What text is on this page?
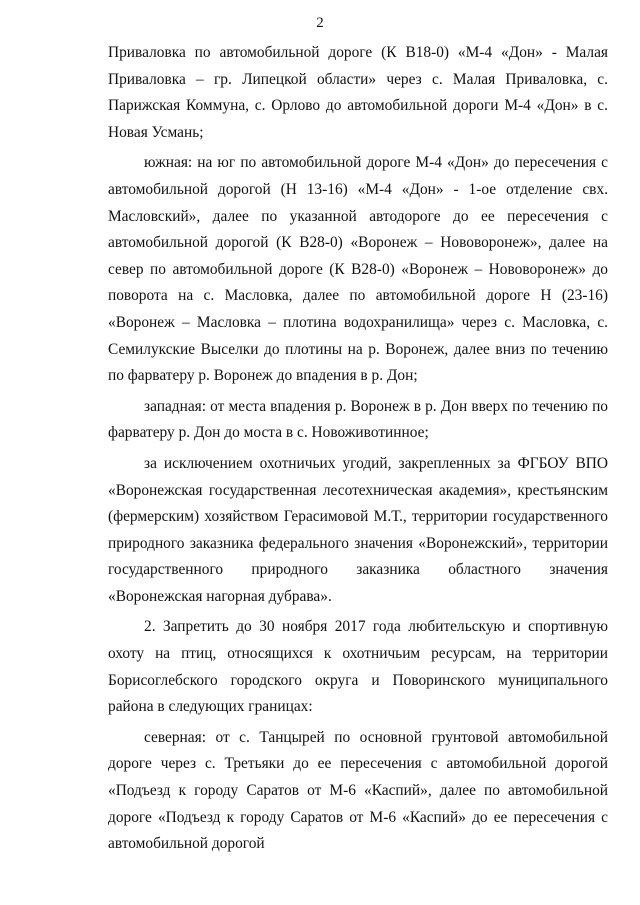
2

Приваловка по автомобильной дороге (К В18-0) «М-4 «Дон» - Малая Приваловка – гр. Липецкой области» через с. Малая Приваловка, с. Парижская Коммуна, с. Орлово до автомобильной дороги М-4 «Дон» в с. Новая Усмань;

южная: на юг по автомобильной дороге М-4 «Дон» до пересечения с автомобильной дорогой (Н 13-16) «М-4 «Дон» - 1-ое отделение свх. Масловский», далее по указанной автодороге до ее пересечения с автомобильной дорогой (К В28-0) «Воронеж – Нововоронеж», далее на север по автомобильной дороге (К В28-0) «Воронеж – Нововоронеж» до поворота на с. Масловка, далее по автомобильной дороге Н (23-16) «Воронеж – Масловка – плотина водохранилища» через с. Масловка, с. Семилукские Выселки до плотины на р. Воронеж, далее вниз по течению по фарватеру р. Воронеж до впадения в р. Дон;

западная: от места впадения р. Воронеж в р. Дон вверх по течению по фарватеру р. Дон до моста в с. Новоживотинное;

за исключением охотничьих угодий, закрепленных за ФГБОУ ВПО «Воронежская государственная лесотехническая академия», крестьянским (фермерским) хозяйством Герасимовой М.Т., территории государственного природного заказника федерального значения «Воронежский», территории государственного природного заказника областного значения «Воронежская нагорная дубрава».

2. Запретить до 30 ноября 2017 года любительскую и спортивную охоту на птиц, относящихся к охотничьим ресурсам, на территории Борисоглебского городского округа и Поворинского муниципального района в следующих границах:

северная: от с. Танцырей по основной грунтовой автомобильной дороге через с. Третьяки до ее пересечения с автомобильной дорогой «Подъезд к городу Саратов от М-6 «Каспий», далее по автомобильной дороге «Подъезд к городу Саратов от М-6 «Каспий» до ее пересечения с автомобильной дорогой
